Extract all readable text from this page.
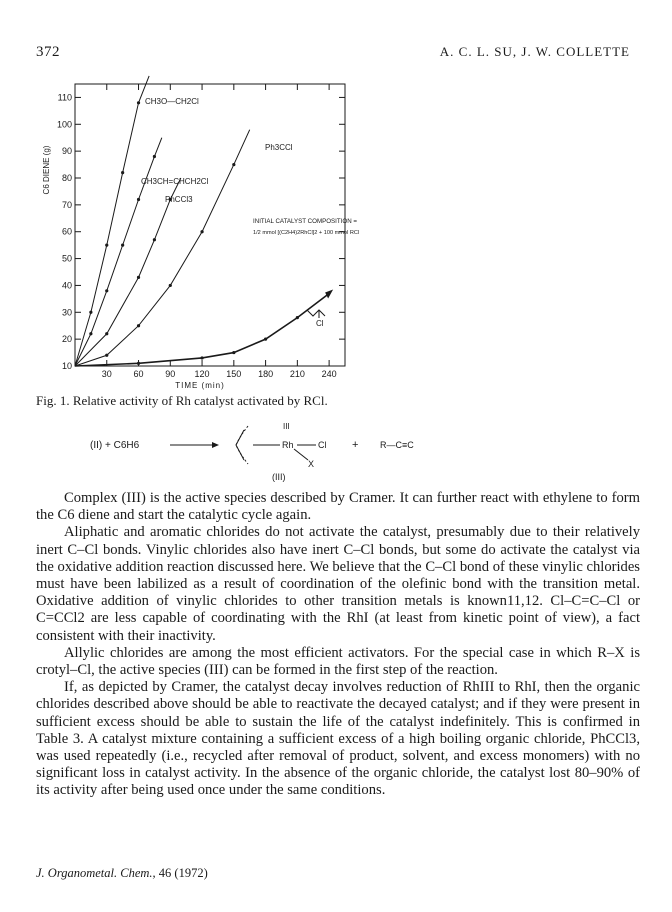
372	A. C. L. SU, J. W. COLLETTE
30 60 90 120 150 180 210 240
10
20
30
40
50
60
70
80
90
100
110
TIME (min)
C6 DIENE (g)
CH3O—CH2Cl
Ph3CCl
CH3CH=CHCH2Cl
PhCCl3
Cl
INITIAL CATALYST COMPOSITION =
1/2 mmol [(C2H4)2RhCl]2 + 100 mmol RCl
Fig. 1. Relative activity of Rh catalyst activated by RCl.
(II) + C6H6
III
Rh	Cl
X
+ R—C≡C
(III)

Complex (III) is the active species described by Cramer. It can further react with ethylene to form the C6 diene and start the catalytic cycle again.

Aliphatic and aromatic chlorides do not activate the catalyst, presumably due to their relatively inert C–Cl bonds. Vinylic chlorides also have inert C–Cl bonds, but some do activate the catalyst via the oxidative addition reaction discussed here. We believe that the C–Cl bond of these vinylic chlorides must have been labilized as a result of coordination of the olefinic bond with the transition metal. Oxidative addition of vinylic chlorides to other transition metals is known11,12. Cl–C=C–Cl or C=CCl2 are less capable of coordinating with the RhI (at least from kinetic point of view), a fact consistent with their inactivity.

Allylic chlorides are among the most efficient activators. For the special case in which R–X is crotyl–Cl, the active species (III) can be formed in the first step of the reaction.

If, as depicted by Cramer, the catalyst decay involves reduction of RhIII to RhI, then the organic chlorides described above should be able to reactivate the decayed catalyst; and if they were present in sufficient excess should be able to sustain the life of the catalyst indefinitely. This is confirmed in Table 3. A catalyst mixture containing a sufficient excess of a high boiling organic chloride, PhCCl3, was used repeatedly (i.e., recycled after removal of product, solvent, and excess monomers) with no significant loss in catalyst activity. In the absence of the organic chloride, the catalyst lost 80–90% of its activity after being used once under the same conditions.

J. Organometal. Chem., 46 (1972)
